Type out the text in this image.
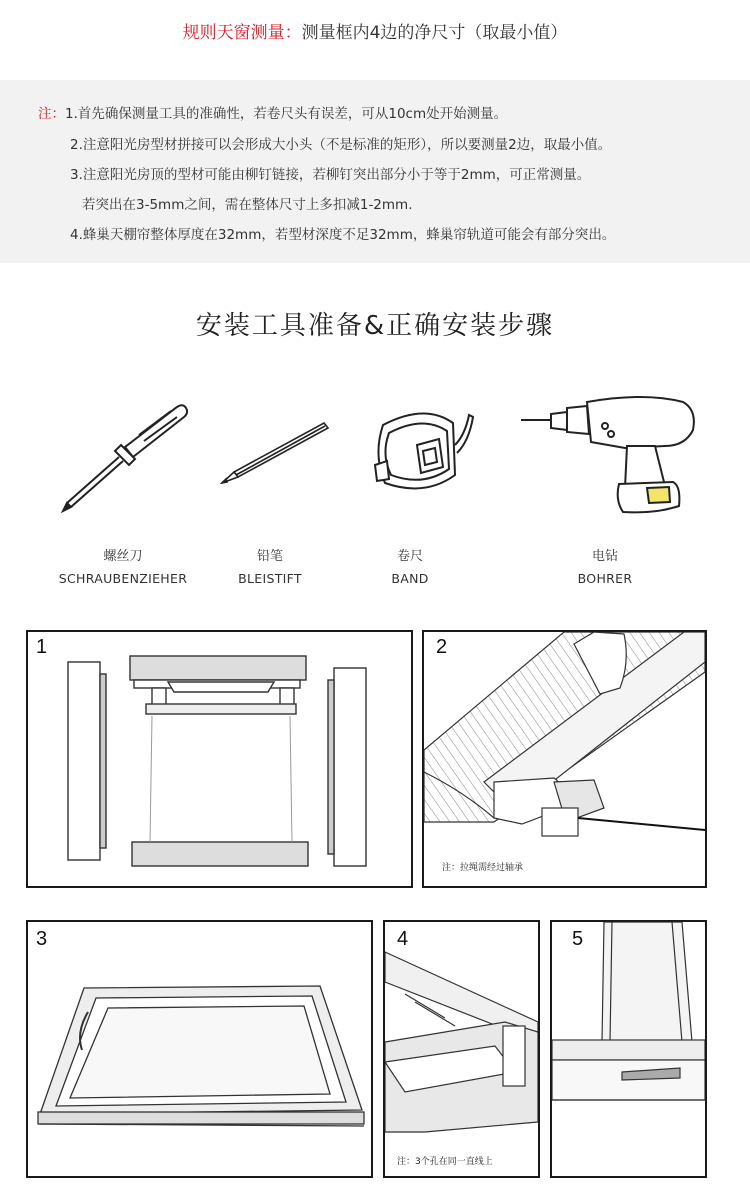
规则天窗测量：测量框内4边的净尺寸（取最小值）
注：1.首先确保测量工具的准确性，若卷尺头有误差，可从10cm处开始测量。
2.注意阳光房型材拼接可以会形成大小头（不是标准的矩形），所以要测量2边，取最小值。
3.注意阳光房顶的型材可能由柳钉链接，若柳钉突出部分小于等于2mm，可正常测量。
若突出在3-5mm之间，需在整体尺寸上多扣减1-2mm.
4.蜂巢天棚帘整体厚度在32mm，若型材深度不足32mm，蜂巢帘轨道可能会有部分突出。
安装工具准备&正确安装步骤
螺丝刀
SCHRAUBENZIEHER
铅笔
BLEISTIFT
卷尺
BAND
电钻
BOHRER
1	2
注：拉绳需经过轴承
3	4
注：3个孔在同一直线上
5
